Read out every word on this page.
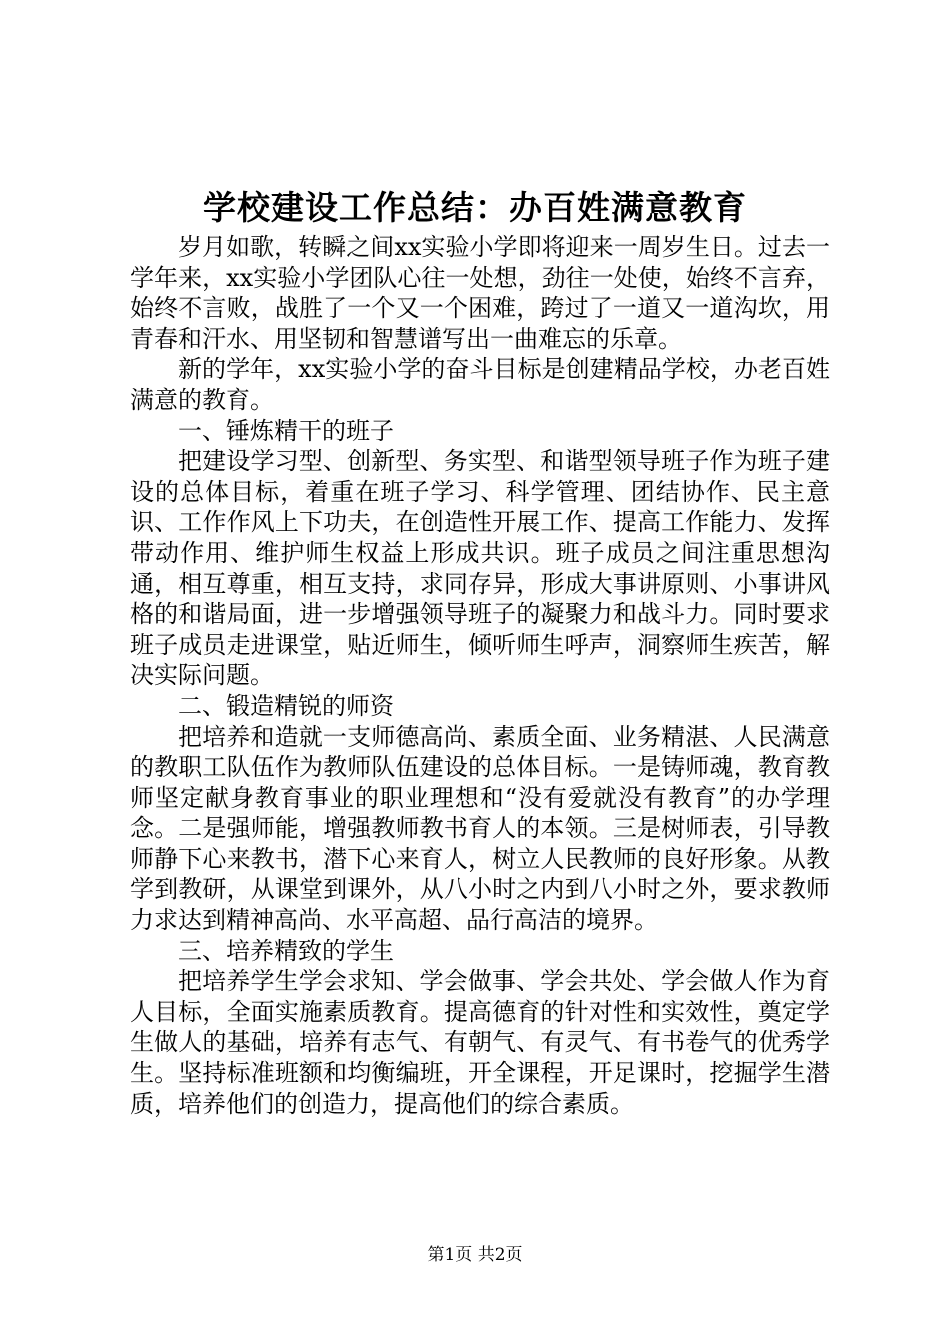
学校建设工作总结：办百姓满意教育

岁月如歌，转瞬之间xx实验小学即将迎来一周岁生日。过去一学年来，xx实验小学团队心往一处想，劲往一处使，始终不言弃，始终不言败，战胜了一个又一个困难，跨过了一道又一道沟坎，用青春和汗水、用坚韧和智慧谱写出一曲难忘的乐章。

新的学年，xx实验小学的奋斗目标是创建精品学校，办老百姓满意的教育。

一、锤炼精干的班子

把建设学习型、创新型、务实型、和谐型领导班子作为班子建设的总体目标，着重在班子学习、科学管理、团结协作、民主意识、工作作风上下功夫，在创造性开展工作、提高工作能力、发挥带动作用、维护师生权益上形成共识。班子成员之间注重思想沟通，相互尊重，相互支持，求同存异，形成大事讲原则、小事讲风格的和谐局面，进一步增强领导班子的凝聚力和战斗力。同时要求班子成员走进课堂，贴近师生，倾听师生呼声，洞察师生疾苦，解决实际问题。

二、锻造精锐的师资

把培养和造就一支师德高尚、素质全面、业务精湛、人民满意的教职工队伍作为教师队伍建设的总体目标。一是铸师魂，教育教师坚定献身教育事业的职业理想和“没有爱就没有教育”的办学理念。二是强师能，增强教师教书育人的本领。三是树师表，引导教师静下心来教书，潜下心来育人，树立人民教师的良好形象。从教学到教研，从课堂到课外，从八小时之内到八小时之外，要求教师力求达到精神高尚、水平高超、品行高洁的境界。

三、培养精致的学生

把培养学生学会求知、学会做事、学会共处、学会做人作为育人目标，全面实施素质教育。提高德育的针对性和实效性，奠定学生做人的基础，培养有志气、有朝气、有灵气、有书卷气的优秀学生。坚持标准班额和均衡编班，开全课程，开足课时，挖掘学生潜质，培养他们的创造力，提高他们的综合素质。

第1页 共2页
